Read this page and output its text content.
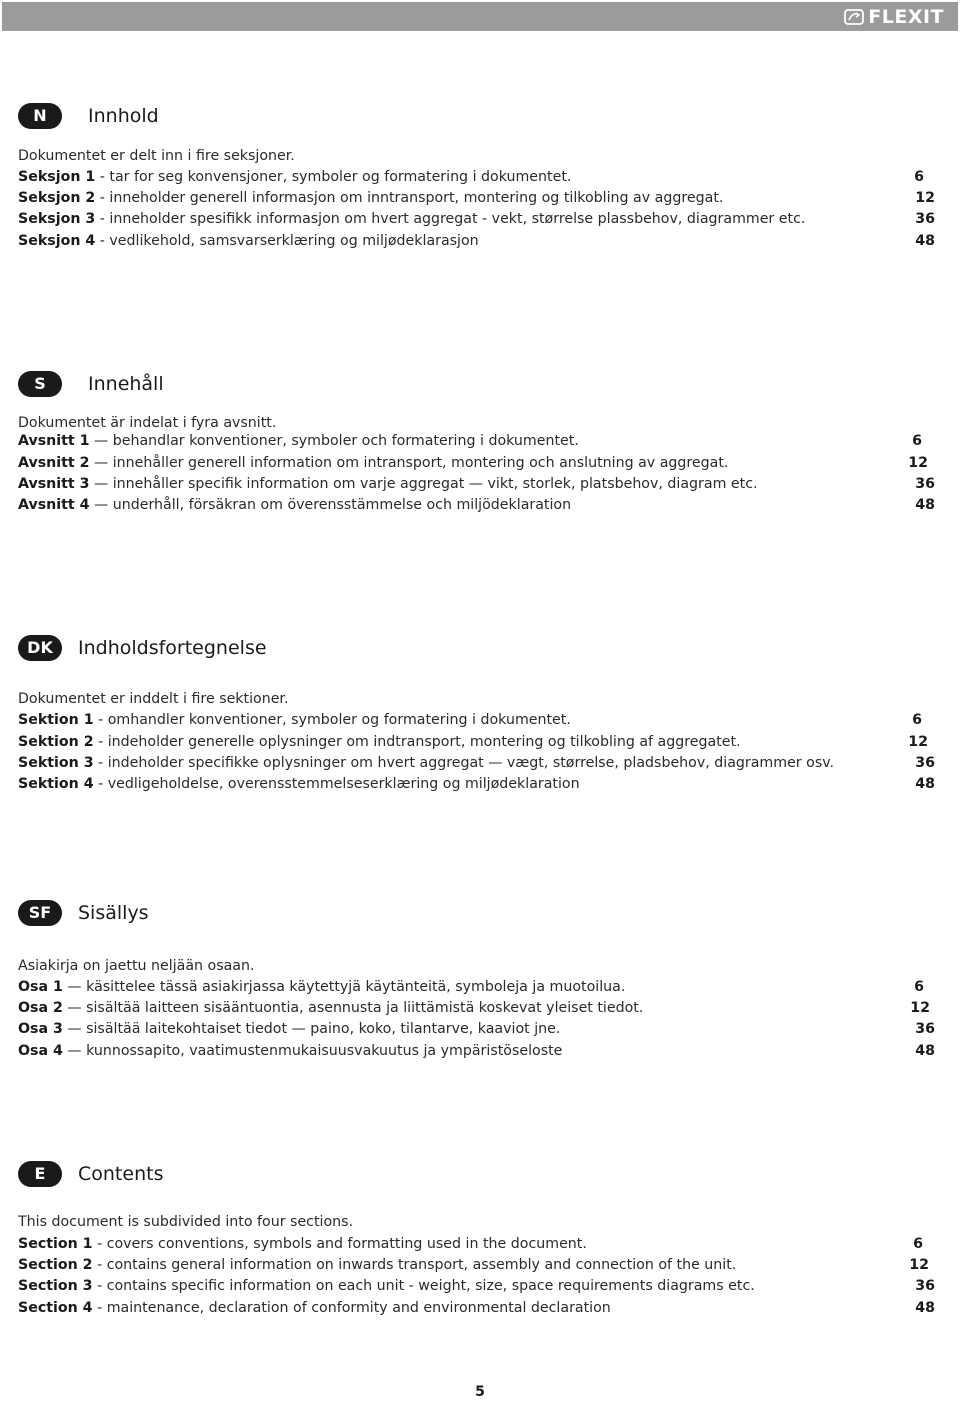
FLEXIT
N	Innhold
Dokumentet er delt inn i fire seksjoner.
Seksjon 1 - tar for seg konvensjoner, symboler og formatering i dokumentet.	6
Seksjon 2 - inneholder generell informasjon om inntransport, montering og tilkobling av aggregat.	12
Seksjon 3 - inneholder spesifikk informasjon om hvert aggregat - vekt, størrelse plassbehov, diagrammer etc.	36
Seksjon 4 - vedlikehold, samsvarserklæring og miljødeklarasjon	48
S	Innehåll
Dokumentet är indelat i fyra avsnitt.
Avsnitt 1 — behandlar konventioner, symboler och formatering i dokumentet.	6
Avsnitt 2 — innehåller generell information om intransport, montering och anslutning av aggregat.	12
Avsnitt 3 — innehåller specifik information om varje aggregat — vikt, storlek, platsbehov, diagram etc.	36
Avsnitt 4 — underhåll, försäkran om överensstämmelse och miljödeklaration	48
DK	Indholdsfortegnelse
Dokumentet er inddelt i fire sektioner.
Sektion 1 - omhandler konventioner, symboler og formatering i dokumentet.	6
Sektion 2 - indeholder generelle oplysninger om indtransport, montering og tilkobling af aggregatet.	12
Sektion 3 - indeholder specifikke oplysninger om hvert aggregat — vægt, størrelse, pladsbehov, diagrammer osv.	36
Sektion 4 - vedligeholdelse, overensstemmelseserklæring og miljødeklaration	48
SF	Sisällys
Asiakirja on jaettu neljään osaan.
Osa 1 — käsittelee tässä asiakirjassa käytettyjä käytänteitä, symboleja ja muotoilua.	6
Osa 2 — sisältää laitteen sisääntuontia, asennusta ja liittämistä koskevat yleiset tiedot.	12
Osa 3 — sisältää laitekohtaiset tiedot — paino, koko, tilantarve, kaaviot jne.	36
Osa 4 — kunnossapito, vaatimustenmukaisuusvakuutus ja ympäristöseloste	48
E	Contents
This document is subdivided into four sections.
Section 1 - covers conventions, symbols and formatting used in the document.	6
Section 2 - contains general information on inwards transport, assembly and connection of the unit.	12
Section 3 - contains specific information on each unit - weight, size, space requirements diagrams etc.	36
Section 4 - maintenance, declaration of conformity and environmental declaration	48
5
